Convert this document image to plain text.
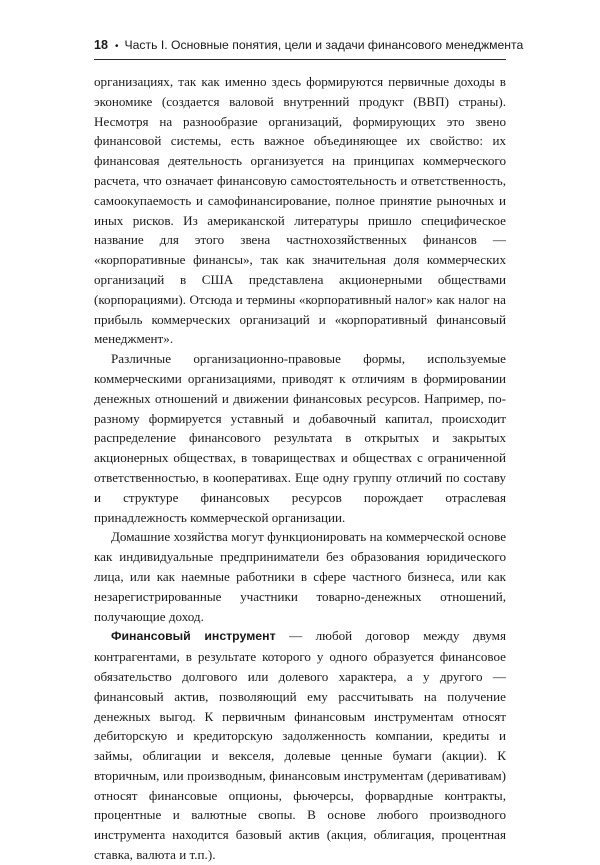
18 • Часть I. Основные понятия, цели и задачи финансового менеджмента

организациях, так как именно здесь формируются первичные доходы в экономике (создается валовой внутренний продукт (ВВП) страны). Несмотря на разнообразие организаций, формирующих это звено финансовой системы, есть важное объединяющее их свойство: их финансовая деятельность организуется на принципах коммерческого расчета, что означает финансовую самостоятельность и ответственность, самоокупаемость и самофинансирование, полное принятие рыночных и иных рисков. Из американской литературы пришло специфическое название для этого звена частнохозяйственных финансов — «корпоративные финансы», так как значительная доля коммерческих организаций в США представлена акционерными обществами (корпорациями). Отсюда и термины «корпоративный налог» как налог на прибыль коммерческих организаций и «корпоративный финансовый менеджмент».

Различные организационно-правовые формы, используемые коммерческими организациями, приводят к отличиям в формировании денежных отношений и движении финансовых ресурсов. Например, по-разному формируется уставный и добавочный капитал, происходит распределение финансового результата в открытых и закрытых акционерных обществах, в товариществах и обществах с ограниченной ответственностью, в кооперативах. Еще одну группу отличий по составу и структуре финансовых ресурсов порождает отраслевая принадлежность коммерческой организации.

Домашние хозяйства могут функционировать на коммерческой основе как индивидуальные предприниматели без образования юридического лица, или как наемные работники в сфере частного бизнеса, или как незарегистрированные участники товарно-денежных отношений, получающие доход.

Финансовый инструмент — любой договор между двумя контрагентами, в результате которого у одного образуется финансовое обязательство долгового или долевого характера, а у другого — финансовый актив, позволяющий ему рассчитывать на получение денежных выгод. К первичным финансовым инструментам относят дебиторскую и кредиторскую задолженность компании, кредиты и займы, облигации и векселя, долевые ценные бумаги (акции). К вторичным, или производным, финансовым инструментам (деривативам) относят финансовые опционы, фьючерсы, форвардные контракты, процентные и валютные свопы. В основе любого производного инструмента находится базовый актив (акция, облигация, процентная ставка, валюта и т.п.).
